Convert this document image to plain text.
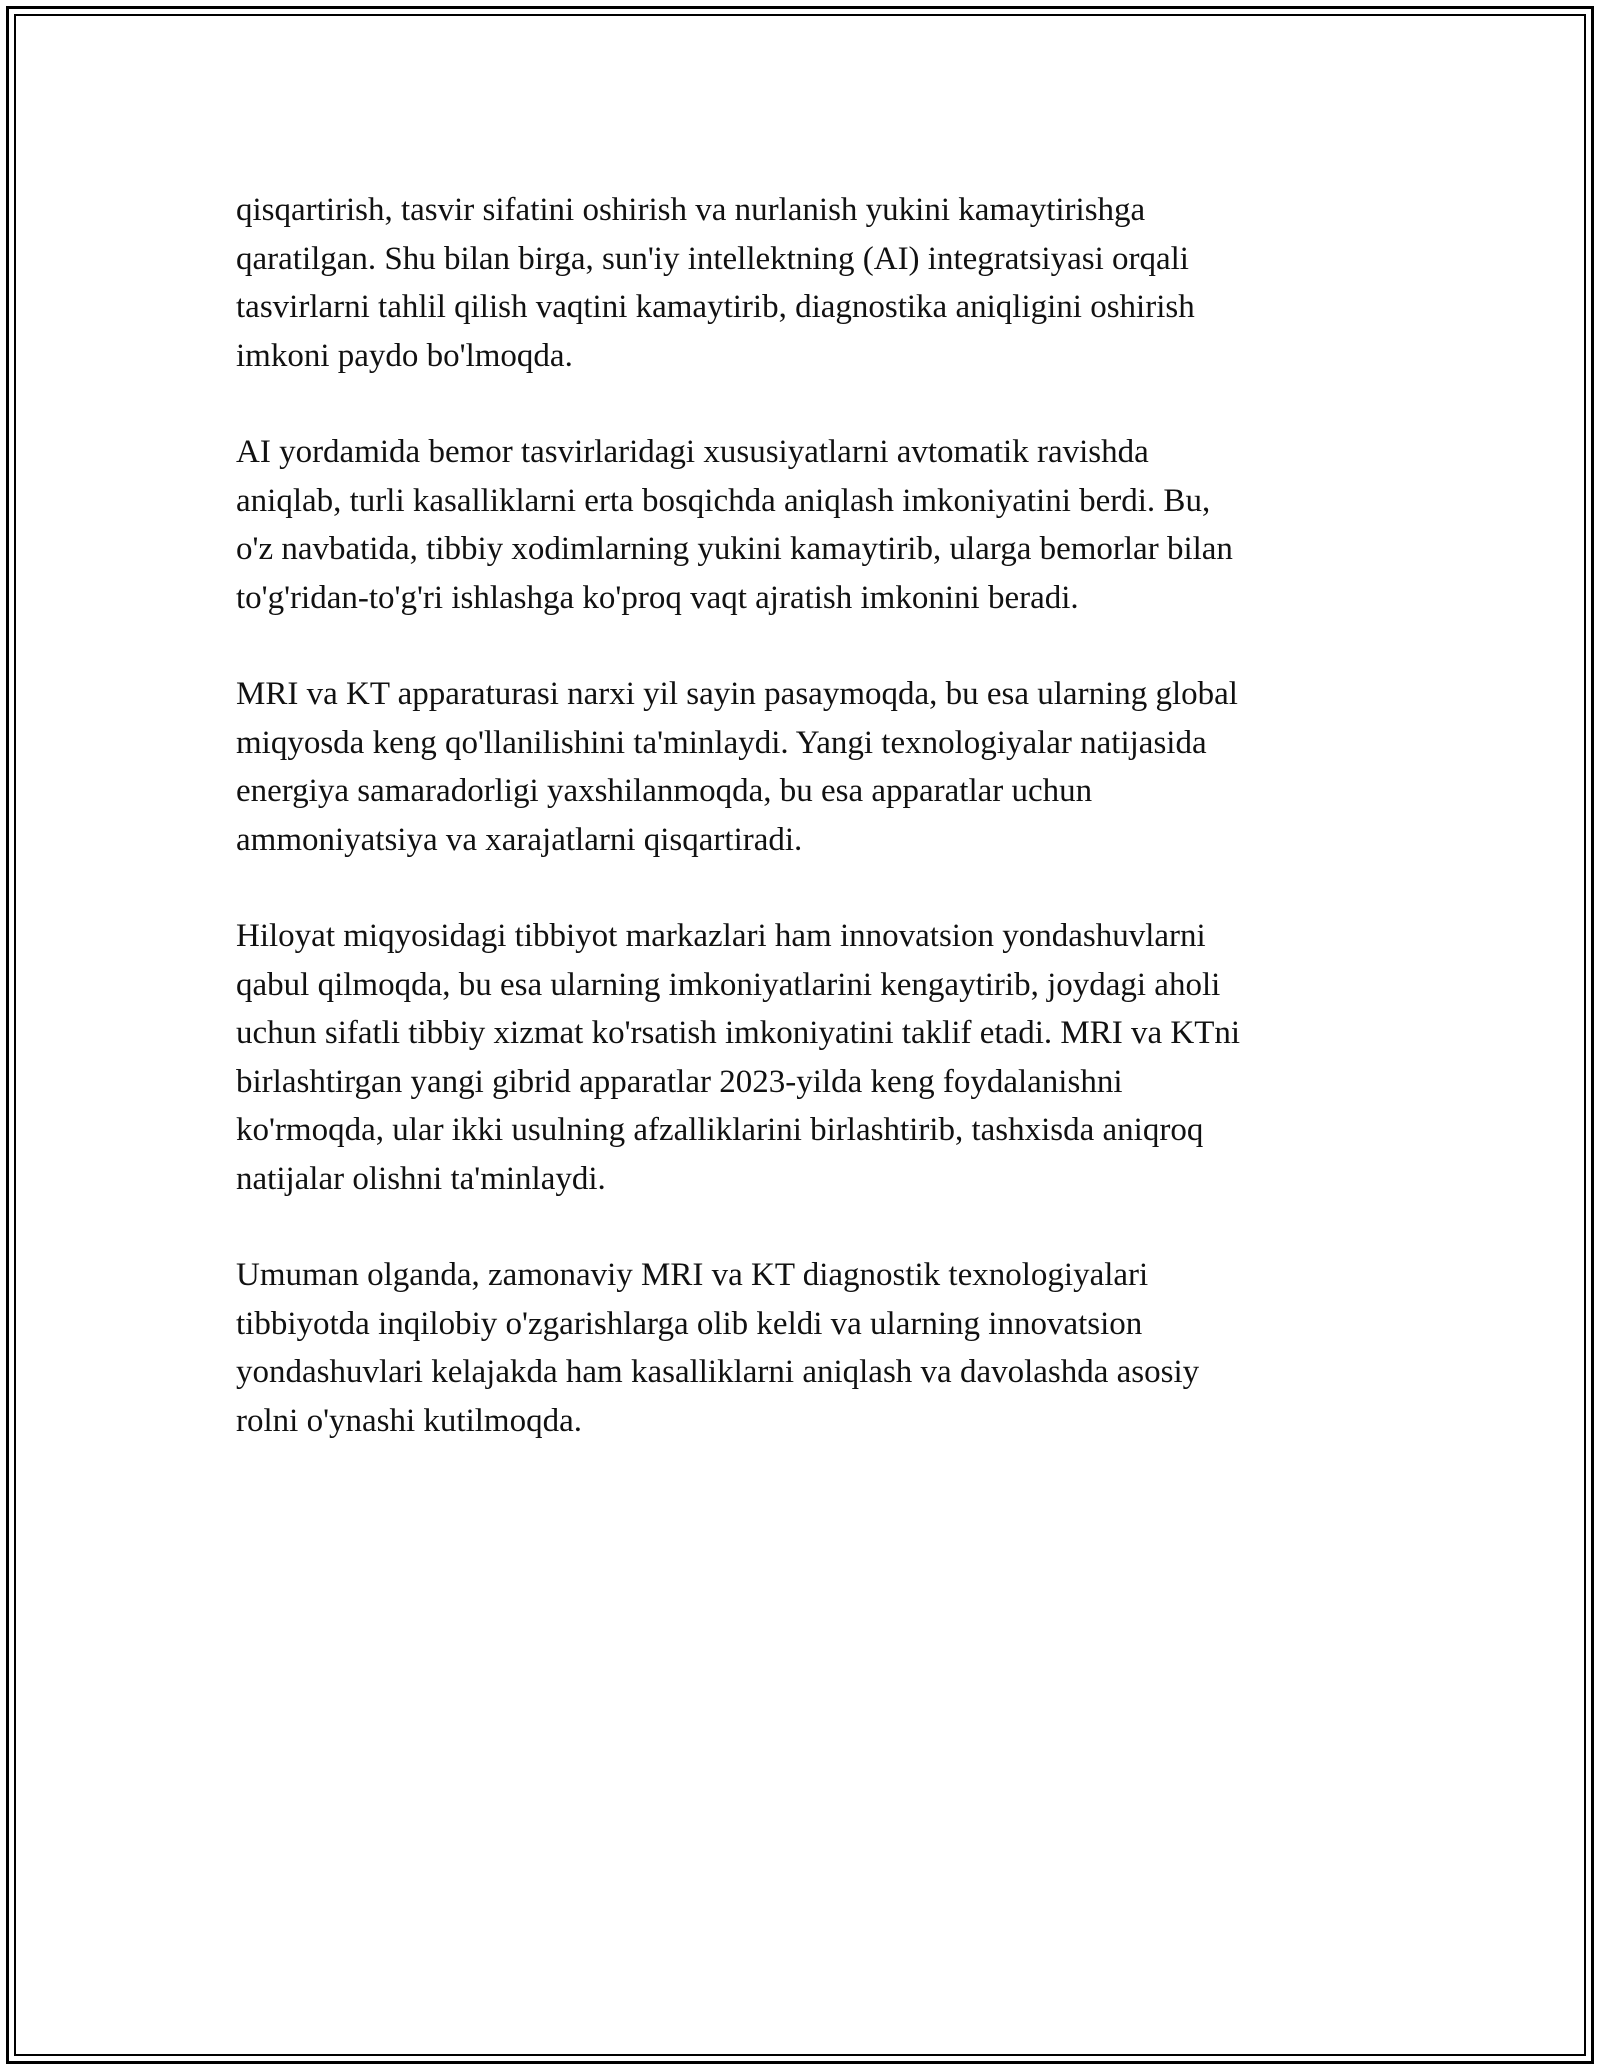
qisqartirish, tasvir sifatini oshirish va nurlanish yukini kamaytirishga
qaratilgan. Shu bilan birga, sun'iy intellektning (AI) integratsiyasi orqali
tasvirlarni tahlil qilish vaqtini kamaytirib, diagnostika aniqligini oshirish
imkoni paydo bo'lmoqda.

AI yordamida bemor tasvirlaridagi xususiyatlarni avtomatik ravishda
aniqlab, turli kasalliklarni erta bosqichda aniqlash imkoniyatini berdi. Bu,
o'z navbatida, tibbiy xodimlarning yukini kamaytirib, ularga bemorlar bilan
to'g'ridan-to'g'ri ishlashga ko'proq vaqt ajratish imkonini beradi.

MRI va KT apparaturasi narxi yil sayin pasaymoqda, bu esa ularning global
miqyosda keng qo'llanilishini ta'minlaydi. Yangi texnologiyalar natijasida
energiya samaradorligi yaxshilanmoqda, bu esa apparatlar uchun
ammoniyatsiya va xarajatlarni qisqartiradi.

Hiloyat miqyosidagi tibbiyot markazlari ham innovatsion yondashuvlarni
qabul qilmoqda, bu esa ularning imkoniyatlarini kengaytirib, joydagi aholi
uchun sifatli tibbiy xizmat ko'rsatish imkoniyatini taklif etadi. MRI va KTni
birlashtirgan yangi gibrid apparatlar 2023-yilda keng foydalanishni
ko'rmoqda, ular ikki usulning afzalliklarini birlashtirib, tashxisda aniqroq
natijalar olishni ta'minlaydi.

Umuman olganda, zamonaviy MRI va KT diagnostik texnologiyalari
tibbiyotda inqilobiy o'zgarishlarga olib keldi va ularning innovatsion
yondashuvlari kelajakda ham kasalliklarni aniqlash va davolashda asosiy
rolni o'ynashi kutilmoqda.
